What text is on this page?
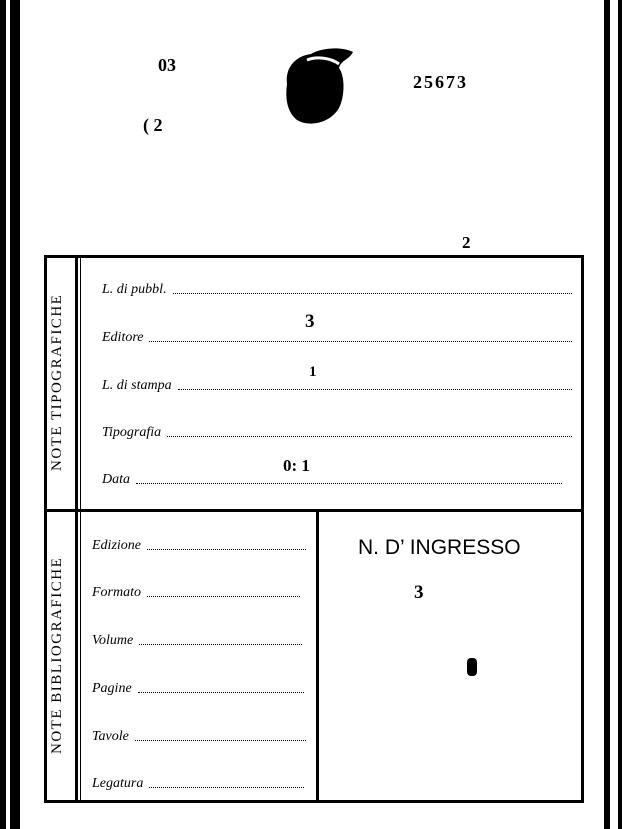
03
( 2
25673
2
NOTE TIPOGRAFICHE
L. di pubbl.
Editore
3
L. di stampa
1
Tipografia
Data
0: 1
NOTE BIBLIOGRAFICHE
Edizione
Formato
Volume
Pagine
Tavole
Legatura
N. D’ INGRESSO
3
